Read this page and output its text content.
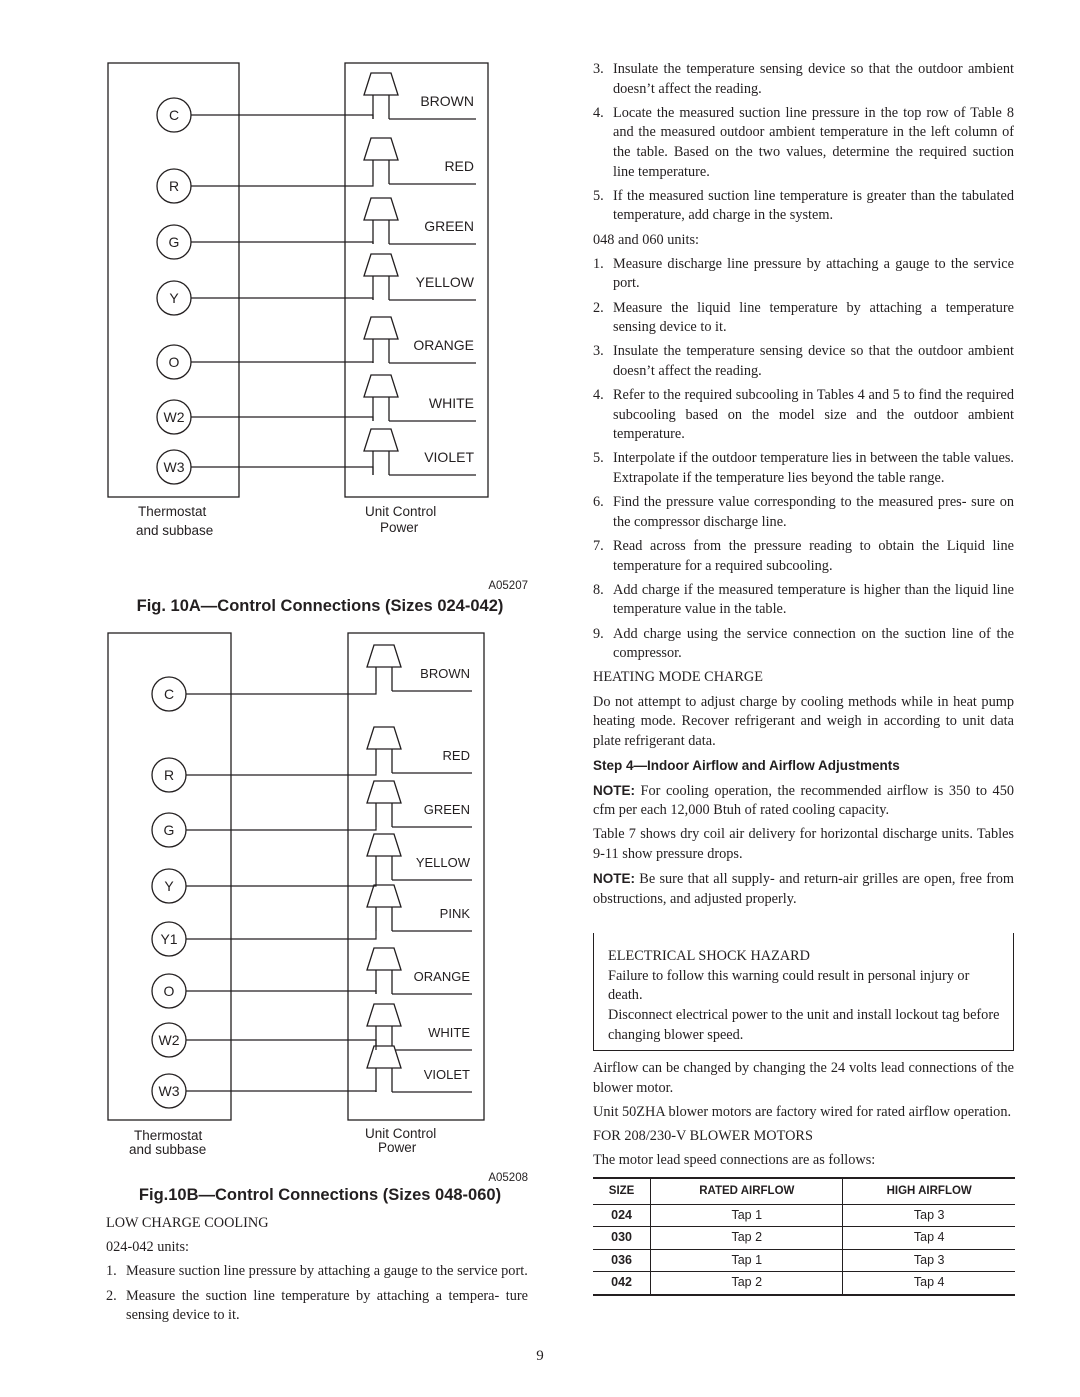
C
R
G
Y
O
W2
W3
BROWN
RED
GREEN
YELLOW
ORANGE
WHITE
VIOLET
Thermostat
and subbase
Unit Control
Power
A05207
Fig. 10A—Control Connections (Sizes 024-042)
C
R
G
Y
Y1
O
W2
W3
BROWN
RED
GREEN
YELLOW
PINK
ORANGE
WHITE
VIOLET
Thermostat
and subbase
Unit Control
Power
A05208
Fig.10B—Control Connections (Sizes 048-060)

LOW CHARGE COOLING

024-042 units:

1. Measure suction line pressure by attaching a gauge to the service port.
2. Measure the suction line temperature by attaching a tempera- ture sensing device to it.
3. Insulate the temperature sensing device so that the outdoor ambient doesn’t affect the reading.
4. Locate the measured suction line pressure in the top row of Table 8 and the measured outdoor ambient temperature in the left column of the table. Based on the two values, determine the required suction line temperature.
5. If the measured suction line temperature is greater than the tabulated temperature, add charge in the system.

048 and 060 units:

1. Measure discharge line pressure by attaching a gauge to the service port.
2. Measure the liquid line temperature by attaching a temperature sensing device to it.
3. Insulate the temperature sensing device so that the outdoor ambient doesn’t affect the reading.
4. Refer to the required subcooling in Tables 4 and 5 to find the required subcooling based on the model size and the outdoor ambient temperature.
5. Interpolate if the outdoor temperature lies in between the table values. Extrapolate if the temperature lies beyond the table range.
6. Find the pressure value corresponding to the measured pres- sure on the compressor discharge line.
7. Read across from the pressure reading to obtain the Liquid line temperature for a required subcooling.
8. Add charge if the measured temperature is higher than the liquid line temperature value in the table.
9. Add charge using the service connection on the suction line of the compressor.

HEATING MODE CHARGE

Do not attempt to adjust charge by cooling methods while in heat pump heating mode. Recover refrigerant and weigh in according to unit data plate refrigerant data.

Step 4—Indoor Airflow and Airflow Adjustments

NOTE: For cooling operation, the recommended airflow is 350 to 450 cfm per each 12,000 Btuh of rated cooling capacity.

Table 7 shows dry coil air delivery for horizontal discharge units. Tables 9-11 show pressure drops.

NOTE: Be sure that all supply- and return-air grilles are open, free from obstructions, and adjusted properly.

ELECTRICAL SHOCK HAZARD
Failure to follow this warning could result in personal injury or death.
Disconnect electrical power to the unit and install lockout tag before changing blower speed.

Airflow can be changed by changing the 24 volts lead connections of the blower motor.

Unit 50ZHA blower motors are factory wired for rated airflow operation.

FOR 208/230-V BLOWER MOTORS

The motor lead speed connections are as follows:

SIZE	RATED AIRFLOW	HIGH AIRFLOW
024	Tap 1	Tap 3
030	Tap 2	Tap 4
036	Tap 1	Tap 3
042	Tap 2	Tap 4
9
